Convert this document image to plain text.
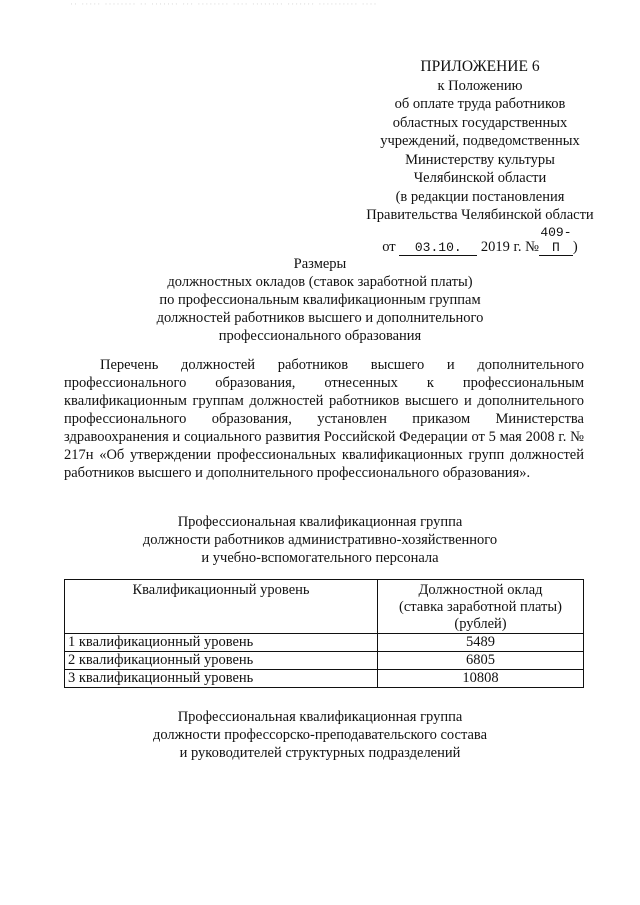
·· ····· ········ ·· ······· ··· ········ ···· ········ ······· ·········· ····
ПРИЛОЖЕНИЕ 6
к Положению
об оплате труда работников
областных государственных
учреждений, подведомственных
Министерству культуры
Челябинской области
(в редакции постановления
Правительства Челябинской области
от 03.10. 2019 г. №409-П )
Размеры
должностных окладов (ставок заработной платы)
по профессиональным квалификационным группам
должностей работников высшего и дополнительного
профессионального образования
Перечень должностей работников высшего и дополнительного профессионального образования, отнесенных к профессиональным квалификационным группам должностей работников высшего и дополнительного профессионального образования, установлен приказом Министерства здравоохранения и социального развития Российской Федерации от 5 мая 2008 г. № 217н «Об утверждении профессиональных квалификационных групп должностей работников высшего и дополнительного профессионального образования».
Профессиональная квалификационная группа
должности работников административно-хозяйственного
и учебно-вспомогательного персонала
Квалификационный уровень	Должностной оклад
(ставка заработной платы)
(рублей)

1 квалификационный уровень	5489
2 квалификационный уровень	6805
3 квалификационный уровень	10808
Профессиональная квалификационная группа
должности профессорско-преподавательского состава
и руководителей структурных подразделений
